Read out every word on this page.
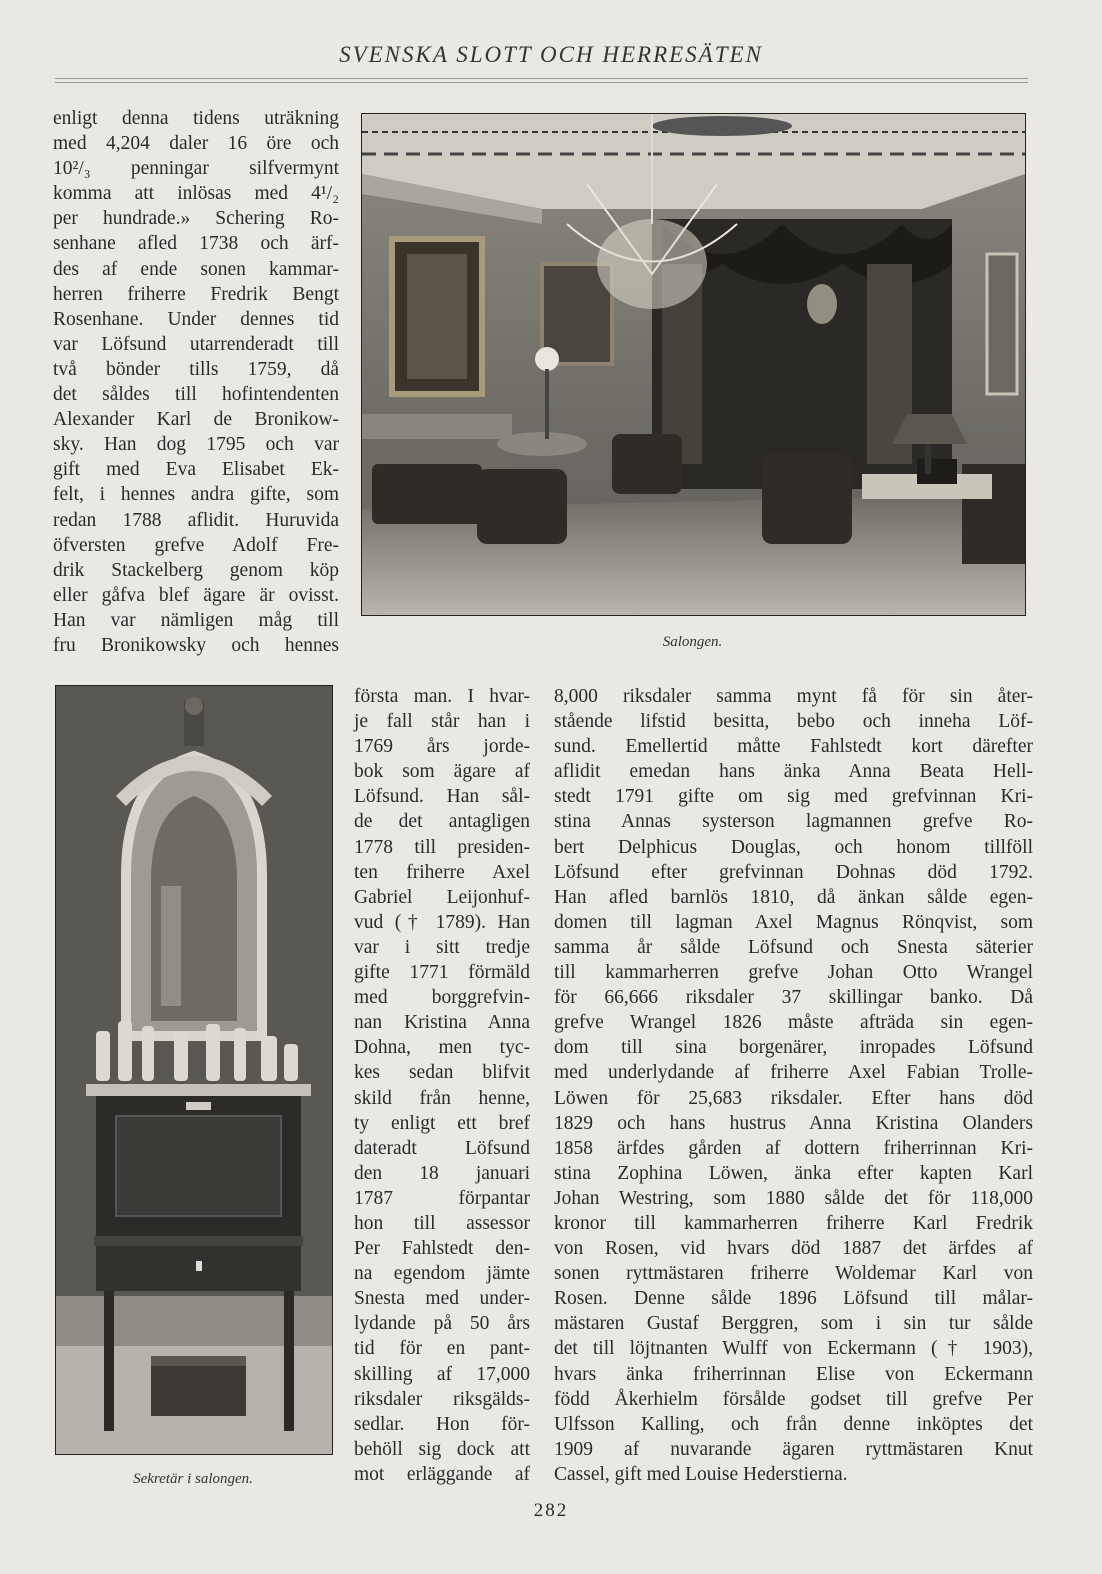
SVENSKA SLOTT OCH HERRESÄTEN
enligt denna tidens uträkning
med 4,204 daler 16 öre och
10²/₃ penningar silfvermynt
komma att inlösas med 4¹/₂
per hundrade.» Schering Ro-
senhane afled 1738 och ärf-
des af ende sonen kammar-
herren friherre Fredrik Bengt
Rosenhane. Under dennes tid
var Löfsund utarrenderadt till
två bönder tills 1759, då
det såldes till hofintendenten
Alexander Karl de Bronikow-
sky. Han dog 1795 och var
gift med Eva Elisabet Ek-
felt, i hennes andra gifte, som
redan 1788 aflidit. Huruvida
öfversten grefve Adolf Fre-
drik Stackelberg genom köp
eller gåfva blef ägare är ovisst.
Han var nämligen måg till
fru Bronikowsky och hennes	Salongen.
Sekretär i salongen.
första man. I hvar-
je fall står han i
1769 års jorde-
bok som ägare af
Löfsund. Han sål-
de det antagligen
1778 till presiden-
ten friherre Axel
Gabriel Leijonhuf-
vud († 1789). Han
var i sitt tredje
gifte 1771 förmäld
med borggrefvin-
nan Kristina Anna
Dohna, men tyc-
kes sedan blifvit
skild från henne,
ty enligt ett bref
dateradt Löfsund
den 18 januari
1787 förpantar
hon till assessor
Per Fahlstedt den-
na egendom jämte
Snesta med under-
lydande på 50 års
tid för en pant-
skilling af 17,000
riksdaler riksgälds-
sedlar. Hon för-
behöll sig dock att
mot erläggande af
8,000 riksdaler samma mynt få för sin åter-
stående lifstid besitta, bebo och inneha Löf-
sund. Emellertid måtte Fahlstedt kort därefter
aflidit emedan hans änka Anna Beata Hell-
stedt 1791 gifte om sig med grefvinnan Kri-
stina Annas systerson lagmannen grefve Ro-
bert Delphicus Douglas, och honom tillföll
Löfsund efter grefvinnan Dohnas död 1792.
Han afled barnlös 1810, då änkan sålde egen-
domen till lagman Axel Magnus Rönqvist, som
samma år sålde Löfsund och Snesta säterier
till kammarherren grefve Johan Otto Wrangel
för 66,666 riksdaler 37 skillingar banko. Då
grefve Wrangel 1826 måste afträda sin egen-
dom till sina borgenärer, inropades Löfsund
med underlydande af friherre Axel Fabian Trolle-
Löwen för 25,683 riksdaler. Efter hans död
1829 och hans hustrus Anna Kristina Olanders
1858 ärfdes gården af dottern friherrinnan Kri-
stina Zophina Löwen, änka efter kapten Karl
Johan Westring, som 1880 sålde det för 118,000
kronor till kammarherren friherre Karl Fredrik
von Rosen, vid hvars död 1887 det ärfdes af
sonen ryttmästaren friherre Woldemar Karl von
Rosen. Denne sålde 1896 Löfsund till målar-
mästaren Gustaf Berggren, som i sin tur sålde
det till löjtnanten Wulff von Eckermann († 1903),
hvars änka friherrinnan Elise von Eckermann
född Åkerhielm försålde godset till grefve Per
Ulfsson Kalling, och från denne inköptes det
1909 af nuvarande ägaren ryttmästaren Knut
Cassel, gift med Louise Hederstierna.
282
